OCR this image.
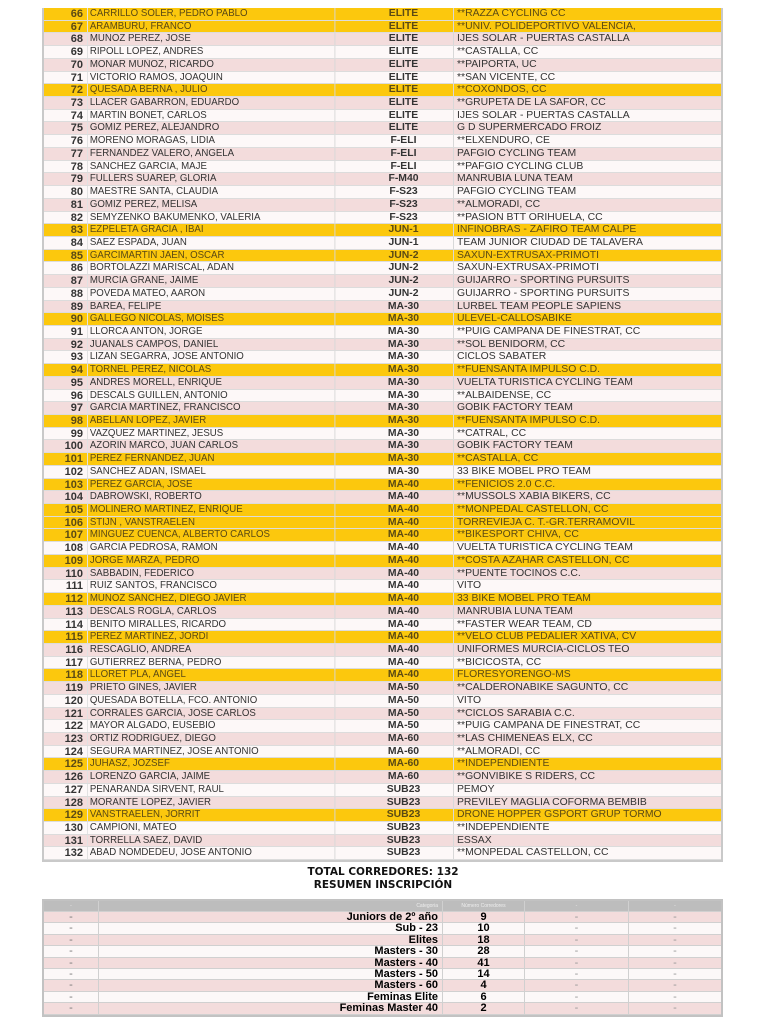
66 CARRILLO SOLER, PEDRO PABLO	ELITE	**RAZZA CYCLING CC
67 ARAMBURU, FRANCO	ELITE	**UNIV. POLIDEPORTIVO VALENCIA,
68 MUÑOZ PEREZ, JOSE	ELITE	IJES SOLAR - PUERTAS CASTALLA
69 RIPOLL LOPEZ, ANDRES	ELITE	**CASTALLA, CC
70 MONAR MUÑOZ, RICARDO	ELITE	**PAIPORTA, UC
71 VICTORIO RAMOS, JOAQUIN	ELITE	**SAN VICENTE, CC
72 QUESADA BERNA , JULIO	ELITE	**COXONDOS, CC
73 LLACER GABARRON, EDUARDO	ELITE	**GRUPETA DE LA SAFOR, CC
74 MARTIN BONET, CARLOS	ELITE	IJES SOLAR - PUERTAS CASTALLA
75 GOMIZ PEREZ, ALEJANDRO	ELITE	G D SUPERMERCADO FROIZ
76 MORENO MORAGAS, LIDIA	F-ELI	**ELXENDURO, CE
77 FERNANDEZ VALERO, ANGELA	F-ELI	PAFGIO CYCLING TEAM
78 SANCHEZ GARCIA, MAJE	F-ELI	**PAFGIO CYCLING CLUB
79 FULLERS SUAREP, GLORIA	F-M40	MANRUBIA LUNA TEAM
80 MAESTRE SANTA, CLAUDIA	F-S23	PAFGIO CYCLING TEAM
81 GOMIZ PEREZ, MELISA	F-S23	**ALMORADI, CC
82 SEMYZENKO BAKUMENKO, VALERIA	F-S23	**PASION BTT ORIHUELA, CC
83 EZPELETA GRACIA , IBAI	JUN-1	INFINOBRAS - ZAFIRO TEAM CALPE
84 SAEZ ESPADA, JUAN	JUN-1	TEAM JUNIOR CIUDAD DE TALAVERA
85 GARCIMARTIN JAEN, OSCAR	JUN-2	SAXUN-EXTRUSAX-PRIMOTI
86 BORTOLAZZI MARISCAL, ADAN	JUN-2	SAXUN-EXTRUSAX-PRIMOTI
87 MURCIA GRANE, JAIME	JUN-2	GUIJARRO - SPORTING PURSUITS
88 POVEDA MATEO, AARON	JUN-2	GUIJARRO - SPORTING PURSUITS
89 BAREA, FELIPE	MA-30	LURBEL TEAM PEOPLE SAPIENS
90 GALLEGO NICOLAS, MOISES	MA-30	ULEVEL-CALLOSABIKE
91 LLORCA ANTON, JORGE	MA-30	**PUIG CAMPANA DE FINESTRAT, CC
92 JUANALS CAMPOS, DANIEL	MA-30	**SOL BENIDORM, CC
93 LIZAN SEGARRA, JOSE ANTONIO	MA-30	CICLOS SABATER
94 TORNEL PEREZ, NICOLAS	MA-30	**FUENSANTA IMPULSO C.D.
95 ANDRES MORELL, ENRIQUE	MA-30	VUELTA TURISTICA CYCLING TEAM
96 DESCALS GUILLEN, ANTONIO	MA-30	**ALBAIDENSE, CC
97 GARCIA MARTINEZ, FRANCISCO	MA-30	GOBIK FACTORY TEAM
98 ABELLAN LOPEZ, JAVIER	MA-30	**FUENSANTA IMPULSO C.D.
99 VAZQUEZ MARTINEZ, JESUS	MA-30	**CATRAL, CC
100 AZORIN MARCO, JUAN CARLOS	MA-30	GOBIK FACTORY TEAM
101 PEREZ FERNANDEZ, JUAN	MA-30	**CASTALLA, CC
102 SANCHEZ ADAN, ISMAEL	MA-30	33 BIKE MOBEL PRO TEAM
103 PEREZ GARCIA, JOSE	MA-40	**FENICIOS 2.0 C.C.
104 DABROWSKI, ROBERTO	MA-40	**MUSSOLS XABIA BIKERS, CC
105 MOLINERO MARTINEZ, ENRIQUE	MA-40	**MONPEDAL CASTELLON, CC
106 STIJN , VANSTRAELEN	MA-40	TORREVIEJA C. T.-GR.TERRAMOVIL
107 MINGUEZ CUENCA, ALBERTO CARLOS	MA-40	**BIKESPORT CHIVA, CC
108 GARCIA PEDROSA, RAMON	MA-40	VUELTA TURISTICA CYCLING TEAM
109 JORGE MARZA, PEDRO	MA-40	**COSTA AZAHAR CASTELLON, CC
110 SABBADIN, FEDERICO	MA-40	**PUENTE TOCINOS C.C.
111 RUIZ SANTOS, FRANCISCO	MA-40	VITO
112 MUÑOZ SANCHEZ, DIEGO JAVIER	MA-40	33 BIKE MOBEL PRO TEAM
113 DESCALS ROGLA, CARLOS	MA-40	MANRUBIA LUNA TEAM
114 BENITO MIRALLES, RICARDO	MA-40	**FASTER WEAR TEAM, CD
115 PEREZ MARTINEZ, JORDI	MA-40	**VELO CLUB PEDALIER XATIVA, CV
116 RESCAGLIO, ANDREA	MA-40	UNIFORMES MURCIA-CICLOS TEO
117 GUTIERREZ BERNA, PEDRO	MA-40	**BICICOSTA, CC
118 LLORET PLA, ANGEL	MA-40	FLORESYORENGO-MS
119 PRIETO GINES, JAVIER	MA-50	**CALDERONABIKE SAGUNTO, CC
120 QUESADA BOTELLA, FCO. ANTONIO	MA-50	VITO
121 CORRALES GARCIA, JOSE CARLOS	MA-50	**CICLOS SARABIA C.C.
122 MAYOR ALGADO, EUSEBIO	MA-50	**PUIG CAMPANA DE FINESTRAT, CC
123 ORTIZ RODRIGUEZ, DIEGO	MA-60	**LAS CHIMENEAS ELX, CC
124 SEGURA MARTINEZ, JOSE ANTONIO	MA-60	**ALMORADI, CC
125 JUHASZ, JOZSEF	MA-60	**INDEPENDIENTE
126 LORENZO GARCIA, JAIME	MA-60	**GONVIBIKE S RIDERS, CC
127 PEÑARANDA SIRVENT, RAUL	SUB23	PEMOY
128 MORANTE LOPEZ, JAVIER	SUB23	PREVILEY MAGLIA COFORMA BEMBIB
129 VANSTRAELEN, JORRIT	SUB23	DRONE HOPPER GSPORT GRUP TORMO
130 CAMPIONI, MATEO	SUB23	**INDEPENDIENTE
131 TORRELLA SAEZ, DAVID	SUB23	ESSAX
132 ABAD NOMDEDEU, JOSE ANTONIO	SUB23	**MONPEDAL CASTELLON, CC
TOTAL CORREDORES: 132
RESUMEN INSCRIPCIÓN
-	Categoria	Número Corredores	-	-
-	Juniors de 2º año	9	-	-
-	Sub - 23	10	-	-
-	Elites	18	-	-
-	Masters - 30	28	-	-
-	Masters - 40	41	-	-
-	Masters - 50	14	-	-
-	Masters - 60	4	-	-
-	Feminas Elite	6	-	-
-	Feminas Master 40	2	-	-
